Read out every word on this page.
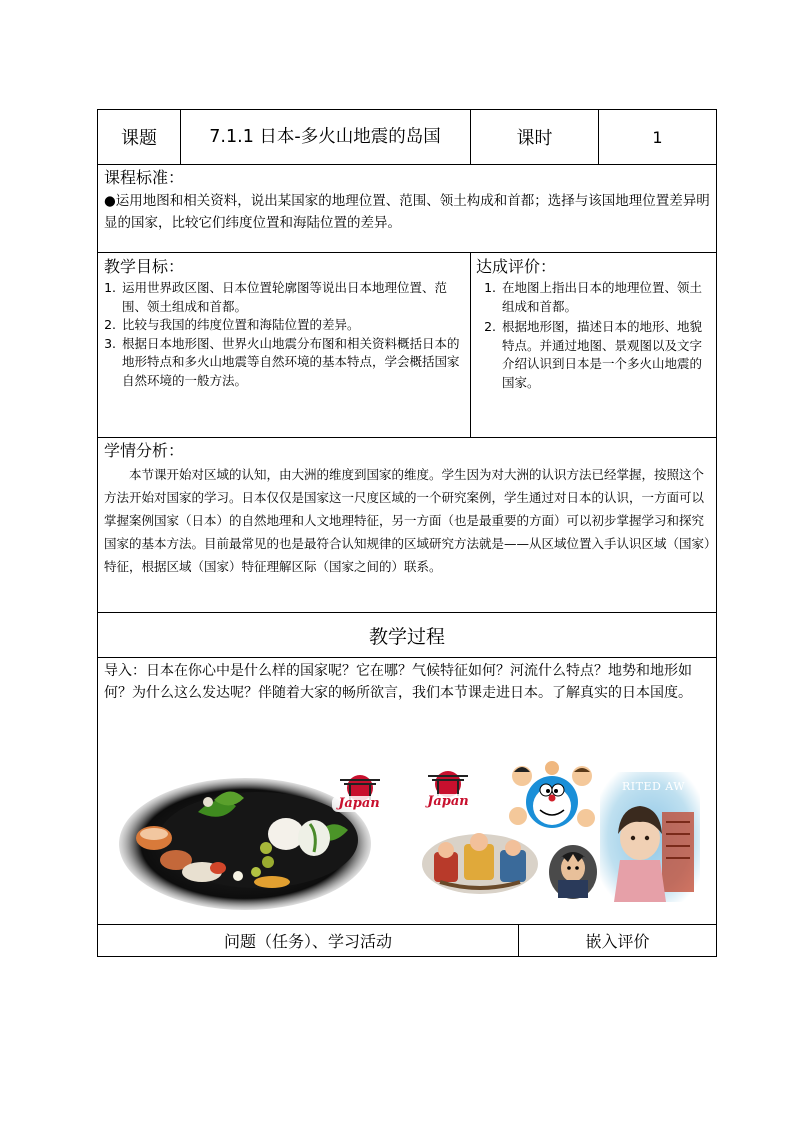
课题	7.1.1 日本-多火山地震的岛国	课时	1
课程标准：
●运用地图和相关资料，说出某国家的地理位置、范围、领土构成和首都；选择与该国地理位置差异明显的国家，比较它们纬度位置和海陆位置的差异。
教学目标：
1. 运用世界政区图、日本位置轮廓图等说出日本地理位置、范围、领土组成和首都。
2. 比较与我国的纬度位置和海陆位置的差异。
3. 根据日本地形图、世界火山地震分布图和相关资料概括日本的地形特点和多火山地震等自然环境的基本特点，学会概括国家自然环境的一般方法。
达成评价：
1. 在地图上指出日本的地理位置、领土组成和首都。
2. 根据地形图，描述日本的地形、地貌特点。并通过地图、景观图以及文字介绍认识到日本是一个多火山地震的国家。
学情分析：
本节课开始对区域的认知，由大洲的维度到国家的维度。学生因为对大洲的认识方法已经掌握，按照这个方法开始对国家的学习。日本仅仅是国家这一尺度区域的一个研究案例，学生通过对日本的认识，一方面可以掌握案例国家（日本）的自然地理和人文地理特征，另一方面（也是最重要的方面）可以初步掌握学习和探究国家的基本方法。目前最常见的也是最符合认知规律的区域研究方法就是——从区域位置入手认识区域（国家）特征，根据区域（国家）特征理解区际（国家之间的）联系。
教学过程
导入：日本在你心中是什么样的国家呢？它在哪？气候特征如何？河流什么特点？地势和地形如何？为什么这么发达呢？伴随着大家的畅所欲言，我们本节课走进日本。了解真实的日本国度。
Japan	Japan
RITED AW
问题（任务）、学习活动	嵌入评价
